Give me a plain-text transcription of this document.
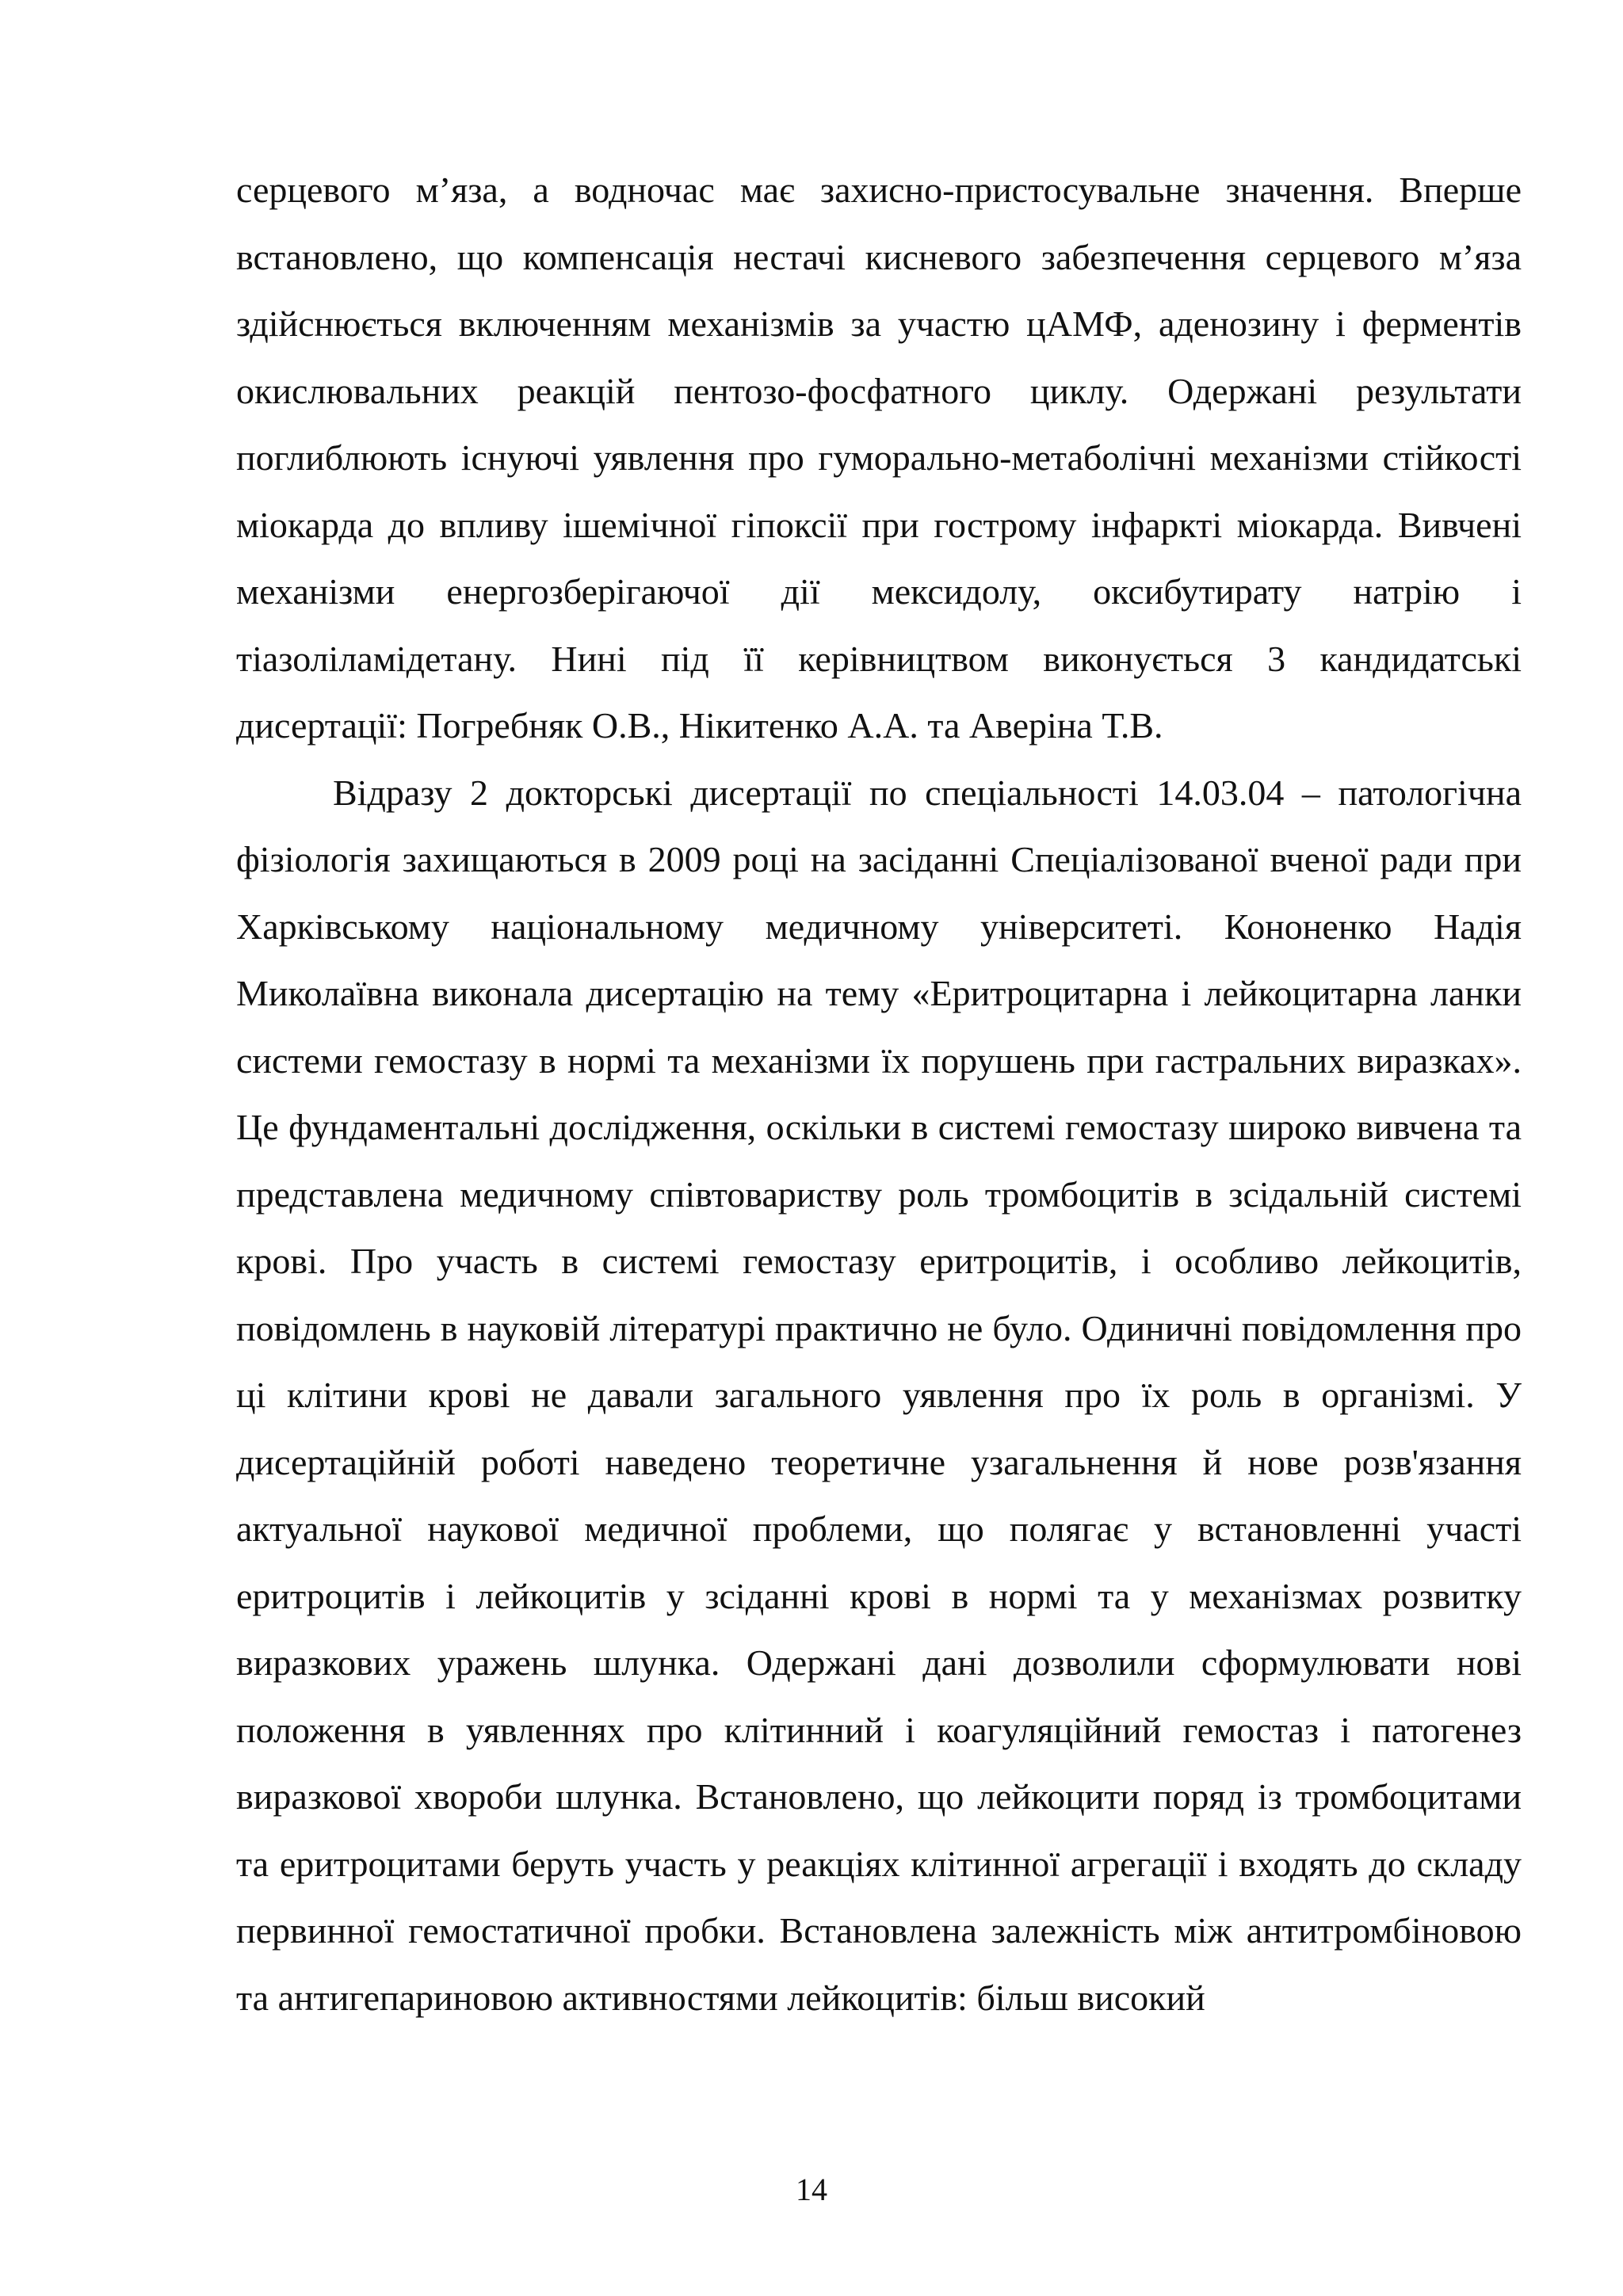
серцевого м’яза, а водночас має захисно-пристосувальне значення. Вперше встановлено, що компенсація нестачі кисневого забезпечення серцевого м’яза здійснюється включенням механізмів за участю цАМФ, аденозину і ферментів окислювальних реакцій пентозо-фосфатного циклу. Одержані результати поглиблюють існуючі уявлення про гуморально-метаболічні механізми стійкості міокарда до впливу ішемічної гіпоксії при гострому інфаркті міокарда. Вивчені механізми енергозберігаючої дії мексидолу, оксибутирату натрію і тіазоліламідетану. Нині під її керівництвом виконується 3 кандидатські дисертації: Погребняк О.В., Нікитенко А.А. та Аверіна Т.В.

Відразу 2 докторські дисертації по спеціальності 14.03.04 – патологічна фізіологія захищаються в 2009 році на засіданні Спеціалізованої вченої ради при Харківському національному медичному університеті. Кононенко Надія Миколаївна виконала дисертацію на тему «Еритроцитарна і лейкоцитарна ланки системи гемостазу в нормі та механізми їх порушень при гастральних виразках». Це фундаментальні дослідження, оскільки в системі гемостазу широко вивчена та представлена медичному співтовариству роль тромбоцитів в зсідальній системі крові. Про участь в системі гемостазу еритроцитів, і особливо лейкоцитів, повідомлень в науковій літературі практично не було. Одиничні повідомлення про ці клітини крові не давали загального уявлення про їх роль в організмі. У дисертаційній роботі наведено теоретичне узагальнення й нове розв'язання актуальної наукової медичної проблеми, що полягає у встановленні участі еритроцитів і лейкоцитів у зсіданні крові в нормі та у механізмах розвитку виразкових уражень шлунка. Одержані дані дозволили сформулювати нові положення в уявленнях про клітинний і коагуляційний гемостаз і патогенез виразкової хвороби шлунка. Встановлено, що лейкоцити поряд із тромбоцитами та еритроцитами беруть участь у реакціях клітинної агрегації і входять до складу первинної гемостатичної пробки. Встановлена залежність між антитромбіновою та антигепариновою активностями лейкоцитів: більш високий

14
